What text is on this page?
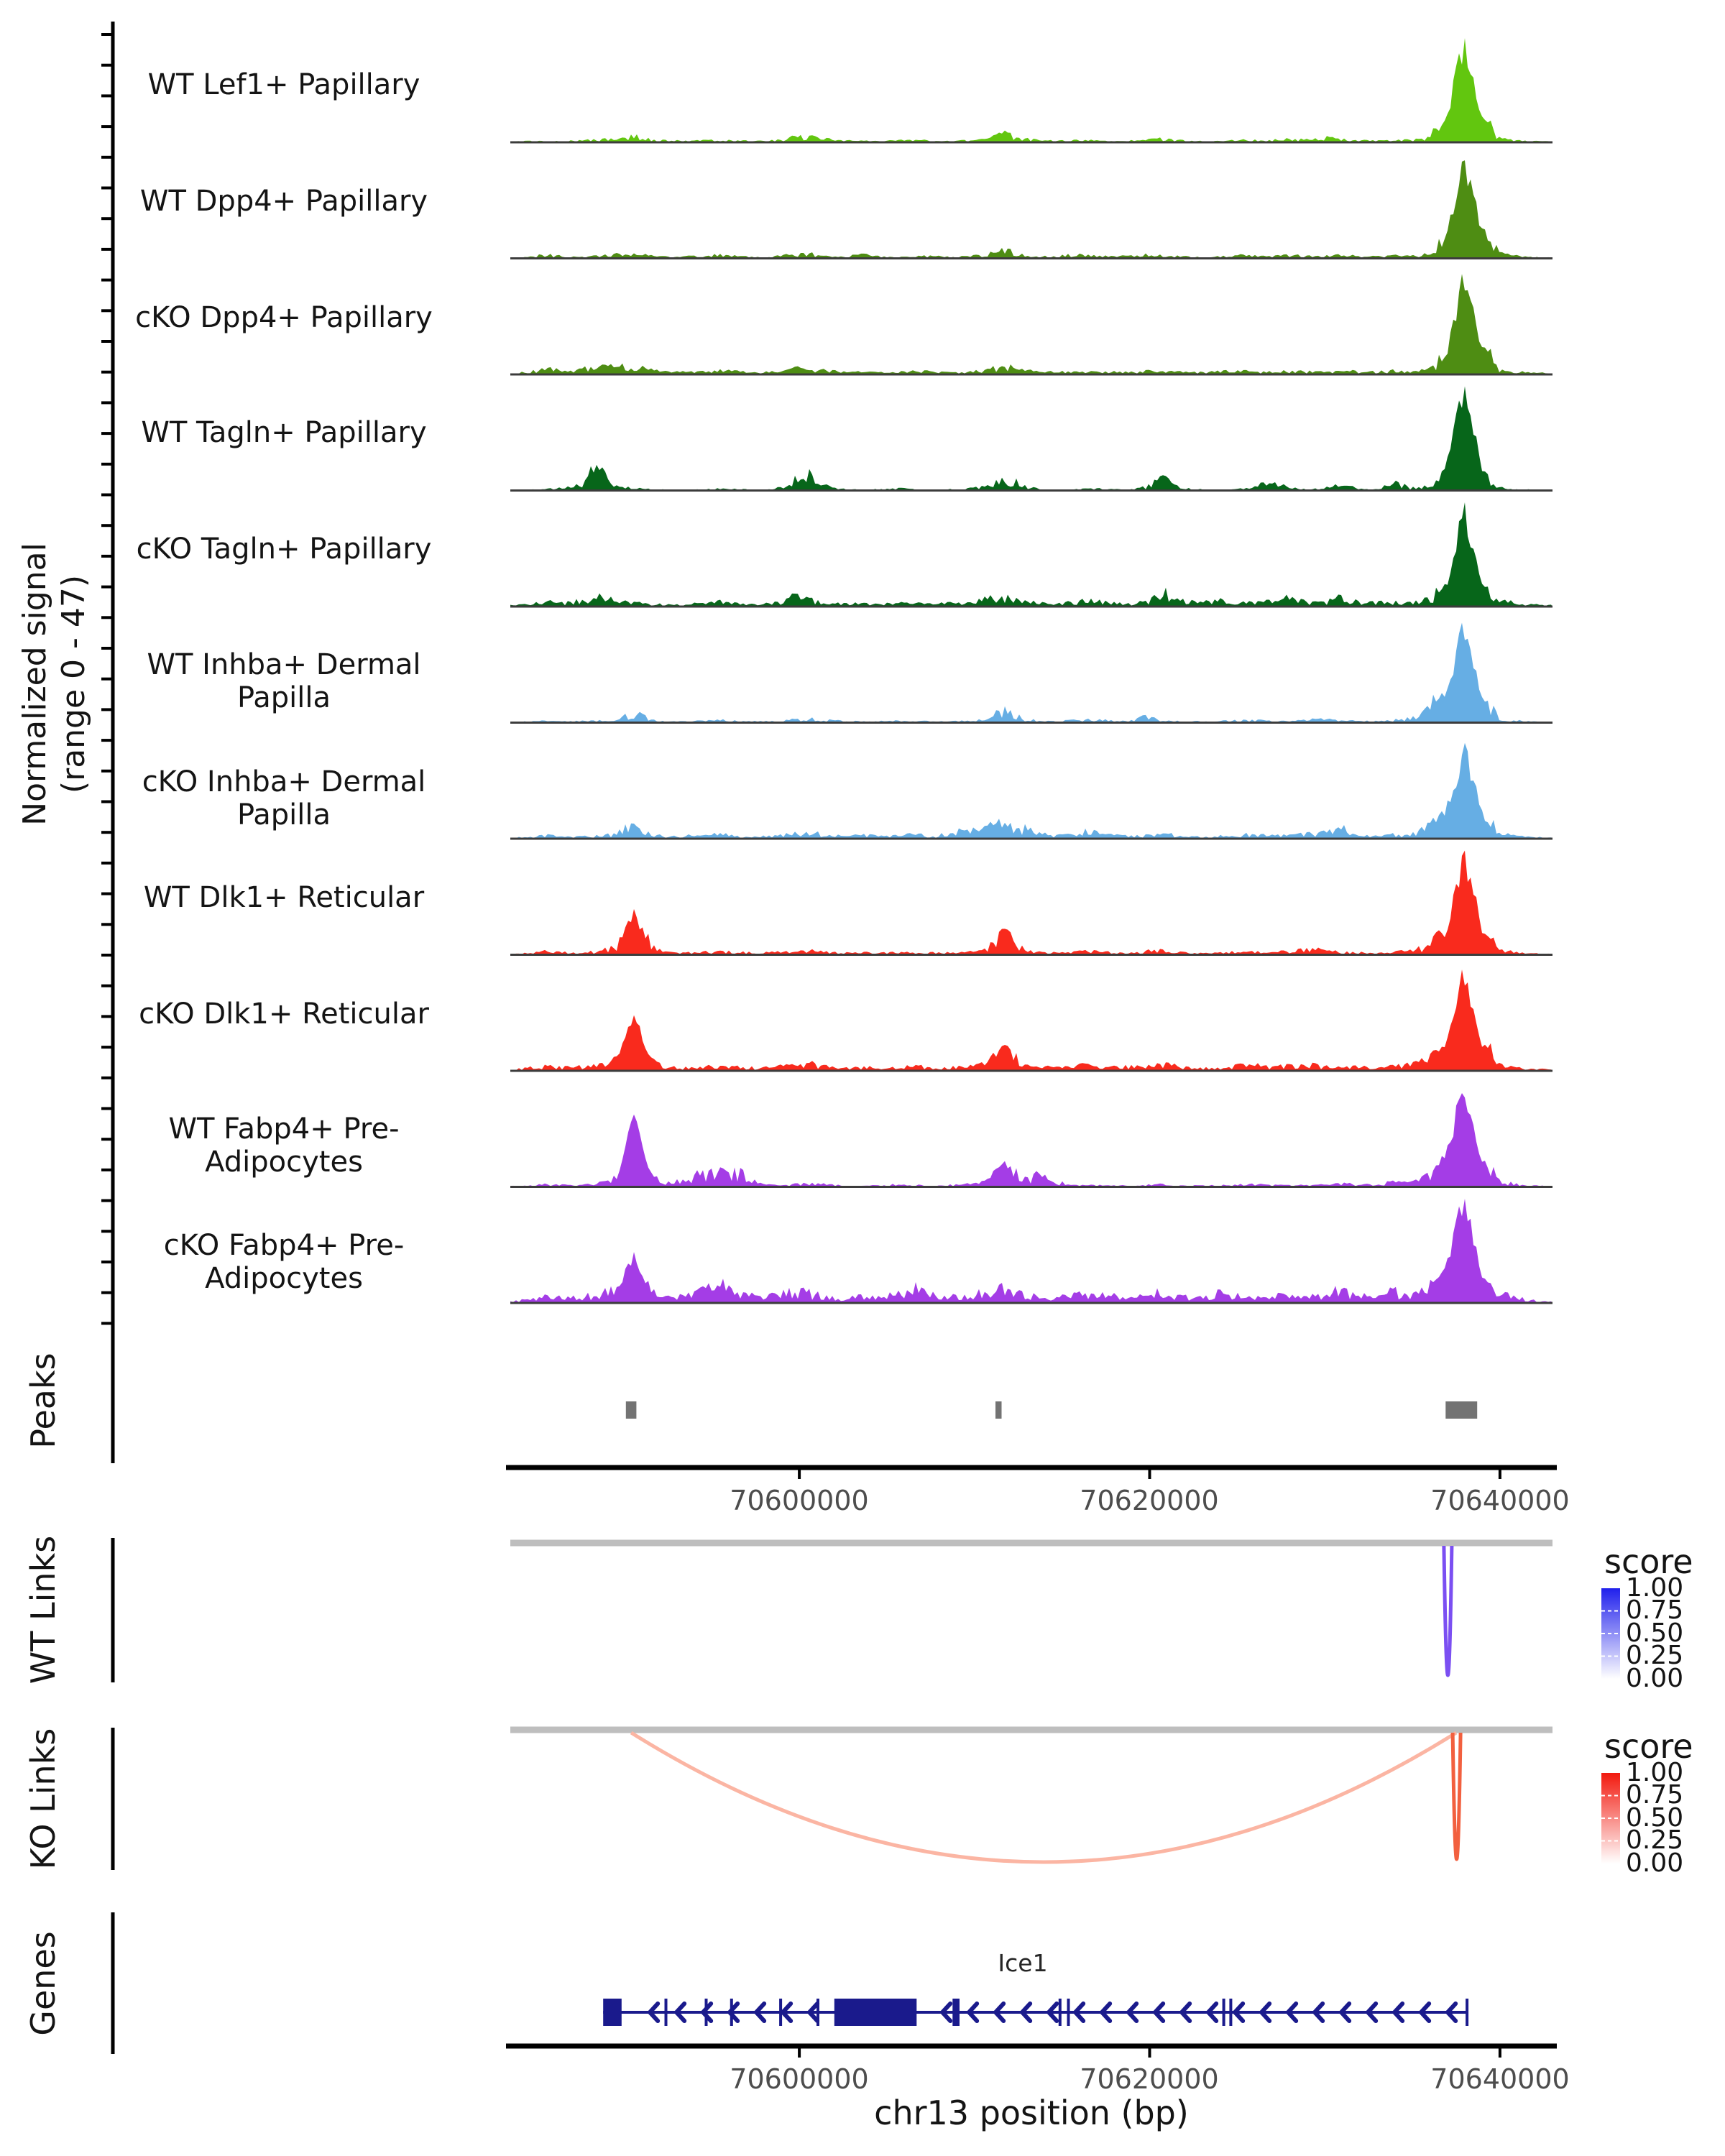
Normalized signal (range 0 - 47)
WT Lef1+ Papillary
WT Dpp4+ Papillary
cKO Dpp4+ Papillary
WT Tagln+ Papillary
cKO Tagln+ Papillary
WT Inhba+ Dermal Papilla
cKO Inhba+ Dermal Papilla
WT Dlk1+ Reticular
cKO Dlk1+ Reticular
WT Fabp4+ Pre-Adipocytes
cKO Fabp4+ Pre-Adipocytes
Peaks
WT Links
KO Links
Genes
70600000	70620000	70640000
score
1.00
0.75
0.50
0.25
0.00
score
1.00
0.75
0.50
0.25
0.00
Ice1
70600000	70620000	70640000
chr13 position (bp)
